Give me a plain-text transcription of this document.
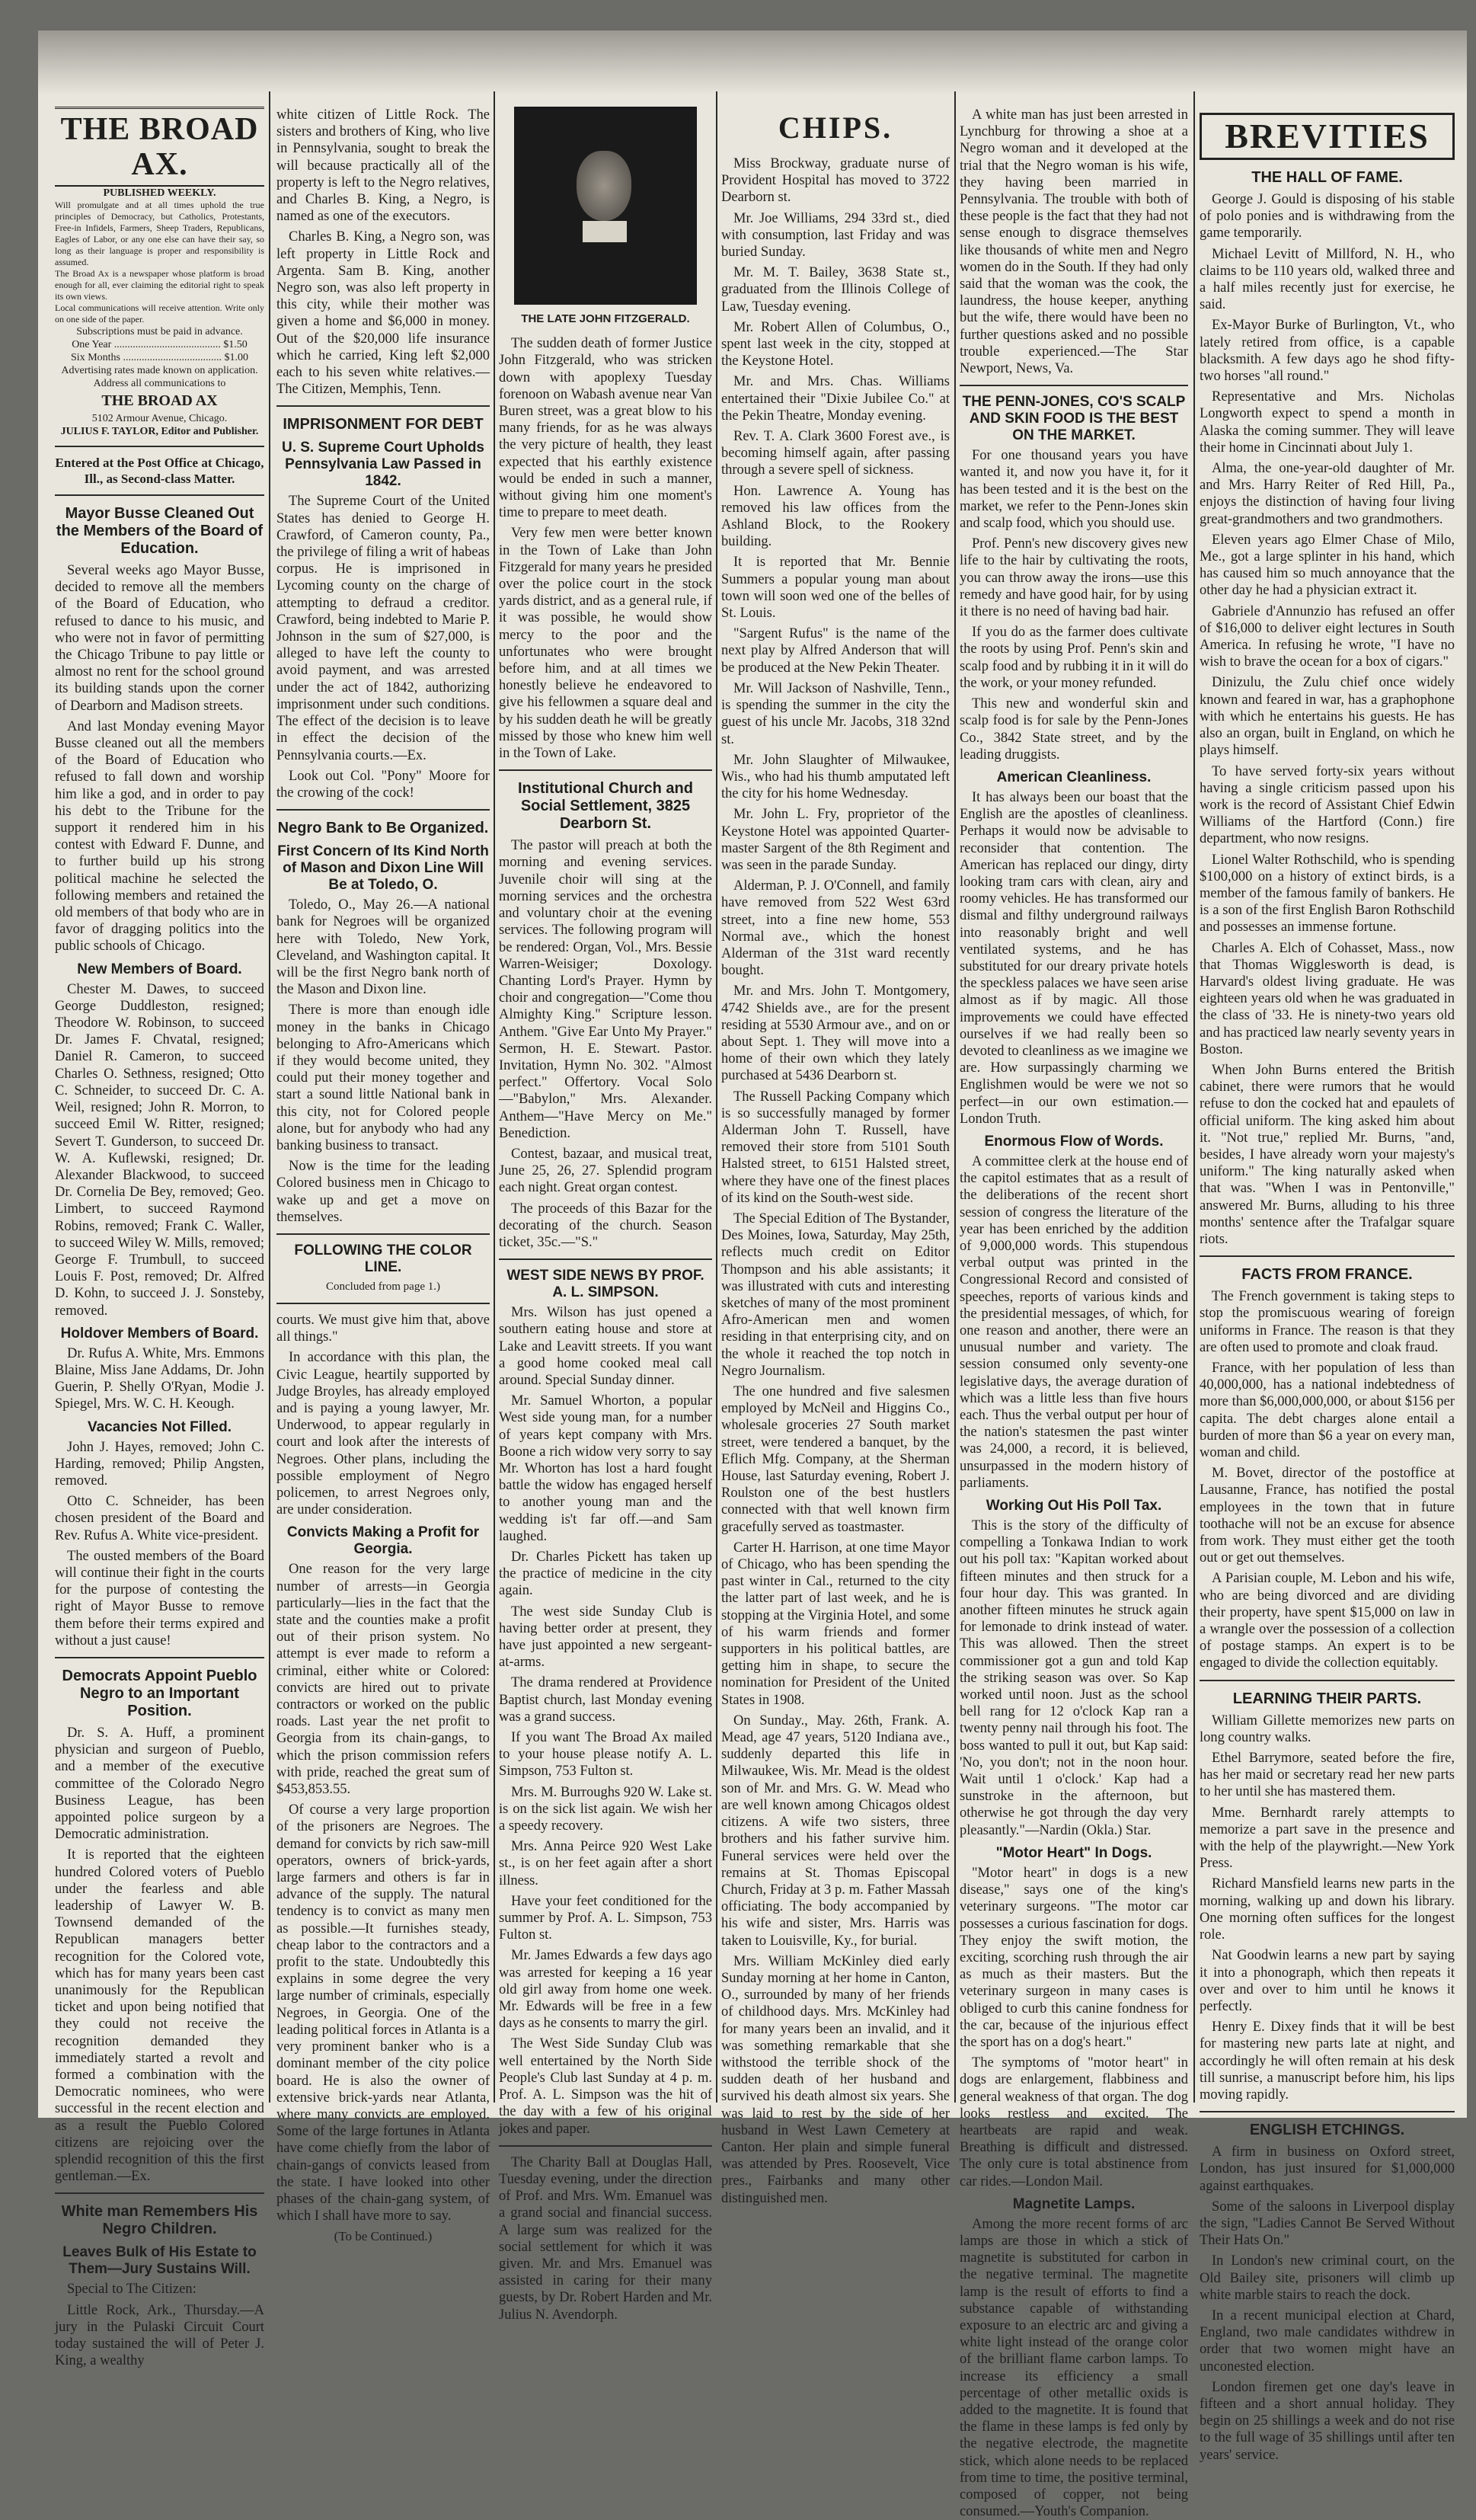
THE BROAD AX.
PUBLISHED WEEKLY.
Will promulgate and at all times uphold the true principles of Democracy, but Catholics, Protestants, Free-in Infidels, Farmers, Sheep Traders, Republicans, Eagles of Labor, or any one else can have their say, so long as their language is proper and responsibility is assumed.
The Broad Ax is a newspaper whose platform is broad enough for all, ever claiming the editorial right to speak its own views.
Local communications will receive attention. Write only on one side of the paper.
Subscriptions must be paid in advance.
One Year ........................................ $1.50
Six Months ..................................... $1.00
Advertising rates made known on application.
Address all communications to
THE BROAD AX
5102 Armour Avenue, Chicago.
JULIUS F. TAYLOR, Editor and Publisher.
Entered at the Post Office at Chicago, Ill., as Second-class Matter.
Mayor Busse Cleaned Out the Members of the Board of Education.

Several weeks ago Mayor Busse, decided to remove all the members of the Board of Education, who refused to dance to his music, and who were not in favor of permitting the Chicago Tribune to pay little or almost no rent for the school ground its building stands upon the corner of Dearborn and Madison streets.

And last Monday evening Mayor Busse cleaned out all the members of the Board of Education who refused to fall down and worship him like a god, and in order to pay his debt to the Tribune for the support it rendered him in his contest with Edward F. Dunne, and to further build up his strong political machine he selected the following members and retained the old members of that body who are in favor of dragging politics into the public schools of Chicago.

New Members of Board.

Chester M. Dawes, to succeed George Duddleston, resigned; Theodore W. Robinson, to succeed Dr. James F. Chvatal, resigned; Daniel R. Cameron, to succeed Charles O. Sethness, resigned; Otto C. Schneider, to succeed Dr. C. A. Weil, resigned; John R. Morron, to succeed Emil W. Ritter, resigned; Severt T. Gunderson, to succeed Dr. W. A. Kuflewski, resigned; Dr. Alexander Blackwood, to succeed Dr. Cornelia De Bey, removed; Geo. Limbert, to succeed Raymond Robins, removed; Frank C. Waller, to succeed Wiley W. Mills, removed; George F. Trumbull, to succeed Louis F. Post, removed; Dr. Alfred D. Kohn, to succeed J. J. Sonsteby, removed.

Holdover Members of Board.

Dr. Rufus A. White, Mrs. Emmons Blaine, Miss Jane Addams, Dr. John Guerin, P. Shelly O'Ryan, Modie J. Spiegel, Mrs. W. C. H. Keough.

Vacancies Not Filled.

John J. Hayes, removed; John C. Harding, removed; Philip Angsten, removed.

Otto C. Schneider, has been chosen president of the Board and Rev. Rufus A. White vice-president.

The ousted members of the Board will continue their fight in the courts for the purpose of contesting the right of Mayor Busse to remove them before their terms expired and without a just cause!

Democrats Appoint Pueblo Negro to an Important Position.

Dr. S. A. Huff, a prominent physician and surgeon of Pueblo, and a member of the executive committee of the Colorado Negro Business League, has been appointed police surgeon by a Democratic administration.

It is reported that the eighteen hundred Colored voters of Pueblo under the fearless and able leadership of Lawyer W. B. Townsend demanded of the Republican managers better recognition for the Colored vote, which has for many years been cast unanimously for the Republican ticket and upon being notified that they could not receive the recognition demanded they immediately started a revolt and formed a combination with the Democratic nominees, who were successful in the recent election and as a result the Pueblo Colored citizens are rejoicing over the splendid recognition of this the first gentleman.—Ex.

White man Remembers His Negro Children.
Leaves Bulk of His Estate to Them—Jury Sustains Will.

Special to The Citizen:

Little Rock, Ark., Thursday.—A jury in the Pulaski Circuit Court today sustained the will of Peter J. King, a wealthy

white citizen of Little Rock. The sisters and brothers of King, who live in Pennsylvania, sought to break the will because practically all of the property is left to the Negro relatives, and Charles B. King, a Negro, is named as one of the executors.

Charles B. King, a Negro son, was left property in Little Rock and Argenta. Sam B. King, another Negro son, was also left property in this city, while their mother was given a home and $6,000 in money. Out of the $20,000 life insurance which he carried, King left $2,000 each to his seven white relatives.—The Citizen, Memphis, Tenn.

IMPRISONMENT FOR DEBT
U. S. Supreme Court Upholds Pennsylvania Law Passed in 1842.

The Supreme Court of the United States has denied to George H. Crawford, of Cameron county, Pa., the privilege of filing a writ of habeas corpus. He is imprisoned in Lycoming county on the charge of attempting to defraud a creditor. Crawford, being indebted to Marie P. Johnson in the sum of $27,000, is alleged to have left the county to avoid payment, and was arrested under the act of 1842, authorizing imprisonment under such conditions. The effect of the decision is to leave in effect the decision of the Pennsylvania courts.—Ex.

Look out Col. "Pony" Moore for the crowing of the cock!

Negro Bank to Be Organized.
First Concern of Its Kind North of Mason and Dixon Line Will Be at Toledo, O.

Toledo, O., May 26.—A national bank for Negroes will be organized here with Toledo, New York, Cleveland, and Washington capital. It will be the first Negro bank north of the Mason and Dixon line.

There is more than enough idle money in the banks in Chicago belonging to Afro-Americans which if they would become united, they could put their money together and start a sound little National bank in this city, not for Colored people alone, but for anybody who had any banking business to transact.

Now is the time for the leading Colored business men in Chicago to wake up and get a move on themselves.

FOLLOWING THE COLOR LINE.
Concluded from page 1.)

courts. We must give him that, above all things."

In accordance with this plan, the Civic League, heartily supported by Judge Broyles, has already employed and is paying a young lawyer, Mr. Underwood, to appear regularly in court and look after the interests of Negroes. Other plans, including the possible employment of Negro policemen, to arrest Negroes only, are under consideration.

Convicts Making a Profit for Georgia.

One reason for the very large number of arrests—in Georgia particularly—lies in the fact that the state and the counties make a profit out of their prison system. No attempt is ever made to reform a criminal, either white or Colored: convicts are hired out to private contractors or worked on the public roads. Last year the net profit to Georgia from its chain-gangs, to which the prison commission refers with pride, reached the great sum of $453,853.55.

Of course a very large proportion of the prisoners are Negroes. The demand for convicts by rich saw-mill operators, owners of brick-yards, large farmers and others is far in advance of the supply. The natural tendency is to convict as many men as possible.—It furnishes steady, cheap labor to the contractors and a profit to the state. Undoubtedly this explains in some degree the very large number of criminals, especially Negroes, in Georgia. One of the leading political forces in Atlanta is a very prominent banker who is a dominant member of the city police board. He is also the owner of extensive brick-yards near Atlanta, where many convicts are employed. Some of the large fortunes in Atlanta have come chiefly from the labor of chain-gangs of convicts leased from the state. I have looked into other phases of the chain-gang system, of which I shall have more to say.

(To be Continued.)
THE LATE JOHN FITZGERALD.

The sudden death of former Justice John Fitzgerald, who was stricken down with apoplexy Tuesday forenoon on Wabash avenue near Van Buren street, was a great blow to his many friends, for as he was always the very picture of health, they least expected that his earthly existence would be ended in such a manner, without giving him one moment's time to prepare to meet death.

Very few men were better known in the Town of Lake than John Fitzgerald for many years he presided over the police court in the stock yards district, and as a general rule, if it was possible, he would show mercy to the poor and the unfortunates who were brought before him, and at all times we honestly believe he endeavored to give his fellowmen a square deal and by his sudden death he will be greatly missed by those who knew him well in the Town of Lake.

Institutional Church and Social Settlement, 3825 Dearborn St.

The pastor will preach at both the morning and evening services. Juvenile choir will sing at the morning services and the orchestra and voluntary choir at the evening services. The following program will be rendered: Organ, Vol., Mrs. Bessie Warren-Weisiger; Doxology. Chanting Lord's Prayer. Hymn by choir and congregation—"Come thou Almighty King." Scripture lesson. Anthem. "Give Ear Unto My Prayer." Sermon, H. E. Stewart. Pastor. Invitation, Hymn No. 302. "Almost perfect." Offertory. Vocal Solo—"Babylon," Mrs. Alexander. Anthem—"Have Mercy on Me." Benediction.

Contest, bazaar, and musical treat, June 25, 26, 27. Splendid program each night. Great organ contest.

The proceeds of this Bazar for the decorating of the church. Season ticket, 35c.—"S."

WEST SIDE NEWS BY PROF. A. L. SIMPSON.

Mrs. Wilson has just opened a southern eating house and store at Lake and Leavitt streets. If you want a good home cooked meal call around. Special Sunday dinner.

Mr. Samuel Whorton, a popular West side young man, for a number of years kept company with Mrs. Boone a rich widow very sorry to say Mr. Whorton has lost a hard fought battle the widow has engaged herself to another young man and the wedding is't far off.—and Sam laughed.

Dr. Charles Pickett has taken up the practice of medicine in the city again.

The west side Sunday Club is having better order at present, they have just appointed a new sergeant-at-arms.

The drama rendered at Providence Baptist church, last Monday evening was a grand success.

If you want The Broad Ax mailed to your house please notify A. L. Simpson, 753 Fulton st.

Mrs. M. Burroughs 920 W. Lake st. is on the sick list again. We wish her a speedy recovery.

Mrs. Anna Peirce 920 West Lake st., is on her feet again after a short illness.

Have your feet conditioned for the summer by Prof. A. L. Simpson, 753 Fulton st.

Mr. James Edwards a few days ago was arrested for keeping a 16 year old girl away from home one week. Mr. Edwards will be free in a few days as he consents to marry the girl.

The West Side Sunday Club was well entertained by the North Side People's Club last Sunday at 4 p. m. Prof. A. L. Simpson was the hit of the day with a few of his original jokes and paper.

The Charity Ball at Douglas Hall, Tuesday evening, under the direction of Prof. and Mrs. Wm. Emanuel was a grand social and financial success. A large sum was realized for the social settlement for which it was given. Mr. and Mrs. Emanuel was assisted in caring for their many guests, by Dr. Robert Harden and Mr. Julius N. Avendorph.

CHIPS.

Miss Brockway, graduate nurse of Provident Hospital has moved to 3722 Dearborn st.

Mr. Joe Williams, 294 33rd st., died with consumption, last Friday and was buried Sunday.

Mr. M. T. Bailey, 3638 State st., graduated from the Illinois College of Law, Tuesday evening.

Mr. Robert Allen of Columbus, O., spent last week in the city, stopped at the Keystone Hotel.

Mr. and Mrs. Chas. Williams entertained their "Dixie Jubilee Co." at the Pekin Theatre, Monday evening.

Rev. T. A. Clark 3600 Forest ave., is becoming himself again, after passing through a severe spell of sickness.

Hon. Lawrence A. Young has removed his law offices from the Ashland Block, to the Rookery building.

It is reported that Mr. Bennie Summers a popular young man about town will soon wed one of the belles of St. Louis.

"Sargent Rufus" is the name of the next play by Alfred Anderson that will be produced at the New Pekin Theater.

Mr. Will Jackson of Nashville, Tenn., is spending the summer in the city the guest of his uncle Mr. Jacobs, 318 32nd st.

Mr. John Slaughter of Milwaukee, Wis., who had his thumb amputated left the city for his home Wednesday.

Mr. John L. Fry, proprietor of the Keystone Hotel was appointed Quarter-master Sargent of the 8th Regiment and was seen in the parade Sunday.

Alderman, P. J. O'Connell, and family have removed from 522 West 63rd street, into a fine new home, 553 Normal ave., which the honest Alderman of the 31st ward recently bought.

Mr. and Mrs. John T. Montgomery, 4742 Shields ave., are for the present residing at 5530 Armour ave., and on or about Sept. 1. They will move into a home of their own which they lately purchased at 5436 Dearborn st.

The Russell Packing Company which is so successfully managed by former Alderman John T. Russell, have removed their store from 5101 South Halsted street, to 6151 Halsted street, where they have one of the finest places of its kind on the South-west side.

The Special Edition of The Bystander, Des Moines, Iowa, Saturday, May 25th, reflects much credit on Editor Thompson and his able assistants; it was illustrated with cuts and interesting sketches of many of the most prominent Afro-American men and women residing in that enterprising city, and on the whole it reached the top notch in Negro Journalism.

The one hundred and five salesmen employed by McNeil and Higgins Co., wholesale groceries 27 South market street, were tendered a banquet, by the Eflich Mfg. Company, at the Sherman House, last Saturday evening, Robert J. Roulston one of the best hustlers connected with that well known firm gracefully served as toastmaster.

Carter H. Harrison, at one time Mayor of Chicago, who has been spending the past winter in Cal., returned to the city the latter part of last week, and he is stopping at the Virginia Hotel, and some of his warm friends and former supporters in his political battles, are getting him in shape, to secure the nomination for President of the United States in 1908.

On Sunday., May. 26th, Frank. A. Mead, age 47 years, 5120 Indiana ave., suddenly departed this life in Milwaukee, Wis. Mr. Mead is the oldest son of Mr. and Mrs. G. W. Mead who are well known among Chicagos oldest citizens. A wife two sisters, three brothers and his father survive him. Funeral services were held over the remains at St. Thomas Episcopal Church, Friday at 3 p. m. Father Massah officiating. The body accompanied by his wife and sister, Mrs. Harris was taken to Louisville, Ky., for burial.

Mrs. William McKinley died early Sunday morning at her home in Canton, O., surrounded by many of her friends of childhood days. Mrs. McKinley had for many years been an invalid, and it was something remarkable that she withstood the terrible shock of the sudden death of her husband and survived his death almost six years. She was laid to rest by the side of her husband in West Lawn Cemetery at Canton. Her plain and simple funeral was attended by Pres. Roosevelt, Vice pres., Fairbanks and many other distinguished men.

A white man has just been arrested in Lynchburg for throwing a shoe at a Negro woman and it developed at the trial that the Negro woman is his wife, they having been married in Pennsylvania. The trouble with both of these people is the fact that they had not sense enough to disgrace themselves like thousands of white men and Negro women do in the South. If they had only said that the woman was the cook, the laundress, the house keeper, anything but the wife, there would have been no further questions asked and no possible trouble experienced.—The Star Newport, News, Va.

THE PENN-JONES, CO'S SCALP AND SKIN FOOD IS THE BEST ON THE MARKET.

For one thousand years you have wanted it, and now you have it, for it has been tested and it is the best on the market, we refer to the Penn-Jones skin and scalp food, which you should use.

Prof. Penn's new discovery gives new life to the hair by cultivating the roots, you can throw away the irons—use this remedy and have good hair, for by using it there is no need of having bad hair.

If you do as the farmer does cultivate the roots by using Prof. Penn's skin and scalp food and by rubbing it in it will do the work, or your money refunded.

This new and wonderful skin and scalp food is for sale by the Penn-Jones Co., 3842 State street, and by the leading druggists.

American Cleanliness.

It has always been our boast that the English are the apostles of cleanliness. Perhaps it would now be advisable to reconsider that contention. The American has replaced our dingy, dirty looking tram cars with clean, airy and roomy vehicles. He has transformed our dismal and filthy underground railways into reasonably bright and well ventilated systems, and he has substituted for our dreary private hotels the speckless palaces we have seen arise almost as if by magic. All those improvements we could have effected ourselves if we had really been so devoted to cleanliness as we imagine we are. How surpassingly charming we Englishmen would be were we not so perfect—in our own estimation.—London Truth.

Enormous Flow of Words.

A committee clerk at the house end of the capitol estimates that as a result of the deliberations of the recent short session of congress the literature of the year has been enriched by the addition of 9,000,000 words. This stupendous verbal output was printed in the Congressional Record and consisted of speeches, reports of various kinds and the presidential messages, of which, for one reason and another, there were an unusual number and variety. The session consumed only seventy-one legislative days, the average duration of which was a little less than five hours each. Thus the verbal output per hour of the nation's statesmen the past winter was 24,000, a record, it is believed, unsurpassed in the modern history of parliaments.

Working Out His Poll Tax.

This is the story of the difficulty of compelling a Tonkawa Indian to work out his poll tax: "Kapitan worked about fifteen minutes and then struck for a four hour day. This was granted. In another fifteen minutes he struck again for lemonade to drink instead of water. This was allowed. Then the street commissioner got a gun and told Kap the striking season was over. So Kap worked until noon. Just as the school bell rang for 12 o'clock Kap ran a twenty penny nail through his foot. The boss wanted to pull it out, but Kap said: 'No, you don't; not in the noon hour. Wait until 1 o'clock.' Kap had a sunstroke in the afternoon, but otherwise he got through the day very pleasantly."—Nardin (Okla.) Star.

"Motor Heart" In Dogs.

"Motor heart" in dogs is a new disease," says one of the king's veterinary surgeons. "The motor car possesses a curious fascination for dogs. They enjoy the swift motion, the exciting, scorching rush through the air as much as their masters. But the veterinary surgeon in many cases is obliged to curb this canine fondness for the car, because of the injurious effect the sport has on a dog's heart."

The symptoms of "motor heart" in dogs are enlargement, flabbiness and general weakness of that organ. The dog looks restless and excited. The heartbeats are rapid and weak. Breathing is difficult and distressed. The only cure is total abstinence from car rides.—London Mail.

Magnetite Lamps.

Among the more recent forms of arc lamps are those in which a stick of magnetite is substituted for carbon in the negative terminal. The magnetite lamp is the result of efforts to find a substance capable of withstanding exposure to an electric arc and giving a white light instead of the orange color of the brilliant flame carbon lamps. To increase its efficiency a small percentage of other metallic oxids is added to the magnetite. It is found that the flame in these lamps is fed only by the negative electrode, the magnetite stick, which alone needs to be replaced from time to time, the positive terminal, composed of copper, not being consumed.—Youth's Companion.

BREVITIES
THE HALL OF FAME.

George J. Gould is disposing of his stable of polo ponies and is withdrawing from the game temporarily.

Michael Levitt of Millford, N. H., who claims to be 110 years old, walked three and a half miles recently just for exercise, he said.

Ex-Mayor Burke of Burlington, Vt., who lately retired from office, is a capable blacksmith. A few days ago he shod fifty-two horses "all round."

Representative and Mrs. Nicholas Longworth expect to spend a month in Alaska the coming summer. They will leave their home in Cincinnati about July 1.

Alma, the one-year-old daughter of Mr. and Mrs. Harry Reiter of Red Hill, Pa., enjoys the distinction of having four living great-grandmothers and two grandmothers.

Eleven years ago Elmer Chase of Milo, Me., got a large splinter in his hand, which has caused him so much annoyance that the other day he had a physician extract it.

Gabriele d'Annunzio has refused an offer of $16,000 to deliver eight lectures in South America. In refusing he wrote, "I have no wish to brave the ocean for a box of cigars."

Dinizulu, the Zulu chief once widely known and feared in war, has a graphophone with which he entertains his guests. He has also an organ, built in England, on which he plays himself.

To have served forty-six years without having a single criticism passed upon his work is the record of Assistant Chief Edwin Williams of the Hartford (Conn.) fire department, who now resigns.

Lionel Walter Rothschild, who is spending $100,000 on a history of extinct birds, is a member of the famous family of bankers. He is a son of the first English Baron Rothschild and possesses an immense fortune.

Charles A. Elch of Cohasset, Mass., now that Thomas Wigglesworth is dead, is Harvard's oldest living graduate. He was eighteen years old when he was graduated in the class of '33. He is ninety-two years old and has practiced law nearly seventy years in Boston.

When John Burns entered the British cabinet, there were rumors that he would refuse to don the cocked hat and epaulets of official uniform. The king asked him about it. "Not true," replied Mr. Burns, "and, besides, I have already worn your majesty's uniform." The king naturally asked when that was. "When I was in Pentonville," answered Mr. Burns, alluding to his three months' sentence after the Trafalgar square riots.

FACTS FROM FRANCE.

The French government is taking steps to stop the promiscuous wearing of foreign uniforms in France. The reason is that they are often used to promote and cloak fraud.

France, with her population of less than 40,000,000, has a national indebtedness of more than $6,000,000,000, or about $156 per capita. The debt charges alone entail a burden of more than $6 a year on every man, woman and child.

M. Bovet, director of the postoffice at Lausanne, France, has notified the postal employees in the town that in future toothache will not be an excuse for absence from work. They must either get the tooth out or get out themselves.

A Parisian couple, M. Lebon and his wife, who are being divorced and are dividing their property, have spent $15,000 on law in a wrangle over the possession of a collection of postage stamps. An expert is to be engaged to divide the collection equitably.

LEARNING THEIR PARTS.

William Gillette memorizes new parts on long country walks.

Ethel Barrymore, seated before the fire, has her maid or secretary read her new parts to her until she has mastered them.

Mme. Bernhardt rarely attempts to memorize a part save in the presence and with the help of the playwright.—New York Press.

Richard Mansfield learns new parts in the morning, walking up and down his library. One morning often suffices for the longest role.

Nat Goodwin learns a new part by saying it into a phonograph, which then repeats it over and over to him until he knows it perfectly.

Henry E. Dixey finds that it will be best for mastering new parts late at night, and accordingly he will often remain at his desk till sunrise, a manuscript before him, his lips moving rapidly.

ENGLISH ETCHINGS.

A firm in business on Oxford street, London, has just insured for $1,000,000 against earthquakes.

Some of the saloons in Liverpool display the sign, "Ladies Cannot Be Served Without Their Hats On."

In London's new criminal court, on the Old Bailey site, prisoners will climb up white marble stairs to reach the dock.

In a recent municipal election at Chard, England, two male candidates withdrew in order that two women might have an unconested election.

London firemen get one day's leave in fifteen and a short annual holiday. They begin on 25 shillings a week and do not rise to the full wage of 35 shillings until after ten years' service.
